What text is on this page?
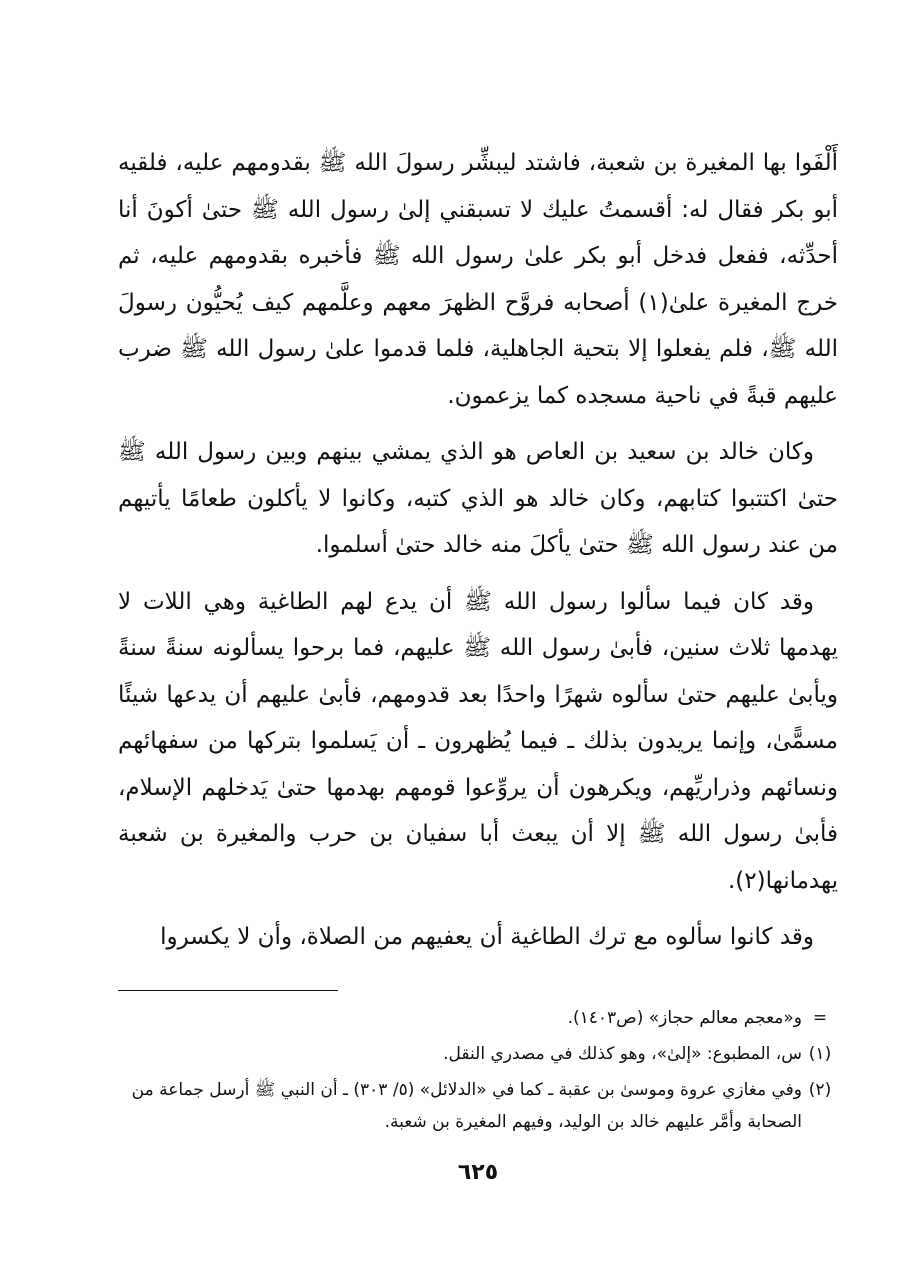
أَلْفَوا بها المغيرة بن شعبة، فاشتد ليبشِّر رسولَ الله ﷺ بقدومهم عليه، فلقيه أبو بكر فقال له: أقسمتُ عليك لا تسبقني إلىٰ رسول الله ﷺ حتىٰ أكونَ أنا أحدِّثه، ففعل فدخل أبو بكر علىٰ رسول الله ﷺ فأخبره بقدومهم عليه، ثم خرج المغيرة علىٰ(١) أصحابه فروَّح الظهرَ معهم وعلَّمهم كيف يُحيُّون رسولَ الله ﷺ، فلم يفعلوا إلا بتحية الجاهلية، فلما قدموا علىٰ رسول الله ﷺ ضرب عليهم قبةً في ناحية مسجده كما يزعمون.

وكان خالد بن سعيد بن العاص هو الذي يمشي بينهم وبين رسول الله ﷺ حتىٰ اكتتبوا كتابهم، وكان خالد هو الذي كتبه، وكانوا لا يأكلون طعامًا يأتيهم من عند رسول الله ﷺ حتىٰ يأكلَ منه خالد حتىٰ أسلموا.

وقد كان فيما سألوا رسول الله ﷺ أن يدع لهم الطاغية وهي اللات لا يهدمها ثلاث سنين، فأبىٰ رسول الله ﷺ عليهم، فما برحوا يسألونه سنةً سنةً ويأبىٰ عليهم حتىٰ سألوه شهرًا واحدًا بعد قدومهم، فأبىٰ عليهم أن يدعها شيئًا مسمًّىٰ، وإنما يريدون بذلك ـ فيما يُظهرون ـ أن يَسلموا بتركها من سفهائهم ونسائهم وذراريِّهم، ويكرهون أن يروِّعوا قومهم بهدمها حتىٰ يَدخلهم الإسلام، فأبىٰ رسول الله ﷺ إلا أن يبعث أبا سفيان بن حرب والمغيرة بن شعبة يهدمانها(٢).

وقد كانوا سألوه مع ترك الطاغية أن يعفيهم من الصلاة، وأن لا يكسروا

=
و«معجم معالم حجاز» (ص١٤٠٣).
(١)
س، المطبوع: «إلىٰ»، وهو كذلك في مصدري النقل.
(٢)
وفي مغازي عروة وموسىٰ بن عقبة ـ كما في «الدلائل» (٥/ ٣٠٣) ـ أن النبي ﷺ أرسل جماعة من الصحابة وأمَّر عليهم خالد بن الوليد، وفيهم المغيرة بن شعبة.
٦٢٥
